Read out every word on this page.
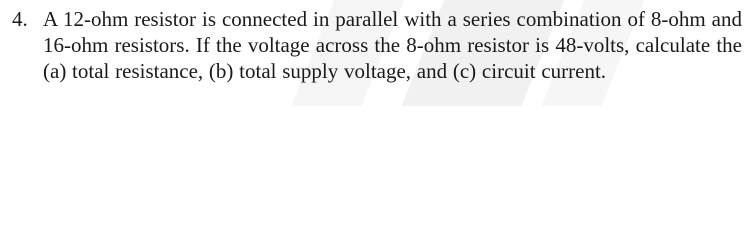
4. A 12-ohm resistor is connected in parallel with a series combination of 8-ohm and 16-ohm resistors. If the voltage across the 8-ohm resistor is 48-volts, calculate the (a) total resistance, (b) total supply voltage, and (c) circuit current.
